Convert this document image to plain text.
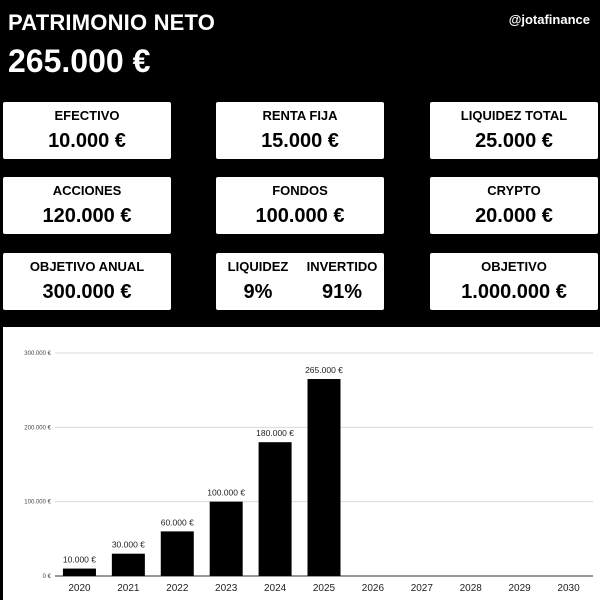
PATRIMONIO NETO
265.000 €
@jotafinance
EFECTIVO
10.000 €
RENTA FIJA
15.000 €
LIQUIDEZ TOTAL
25.000 €
ACCIONES
120.000 €
FONDOS
100.000 €
CRYPTO
20.000 €
OBJETIVO ANUAL
300.000 €
LIQUIDEZ
9%
INVERTIDO
91%
OBJETIVO
1.000.000 €
0 €
100.000 €
200.000 €
300.000 €
10.000 €
2020
30.000 €
2021
60.000 €
2022
100.000 €
2023
180.000 €
2024
265.000 €
2025	2026	2027	2028	2029	2030
